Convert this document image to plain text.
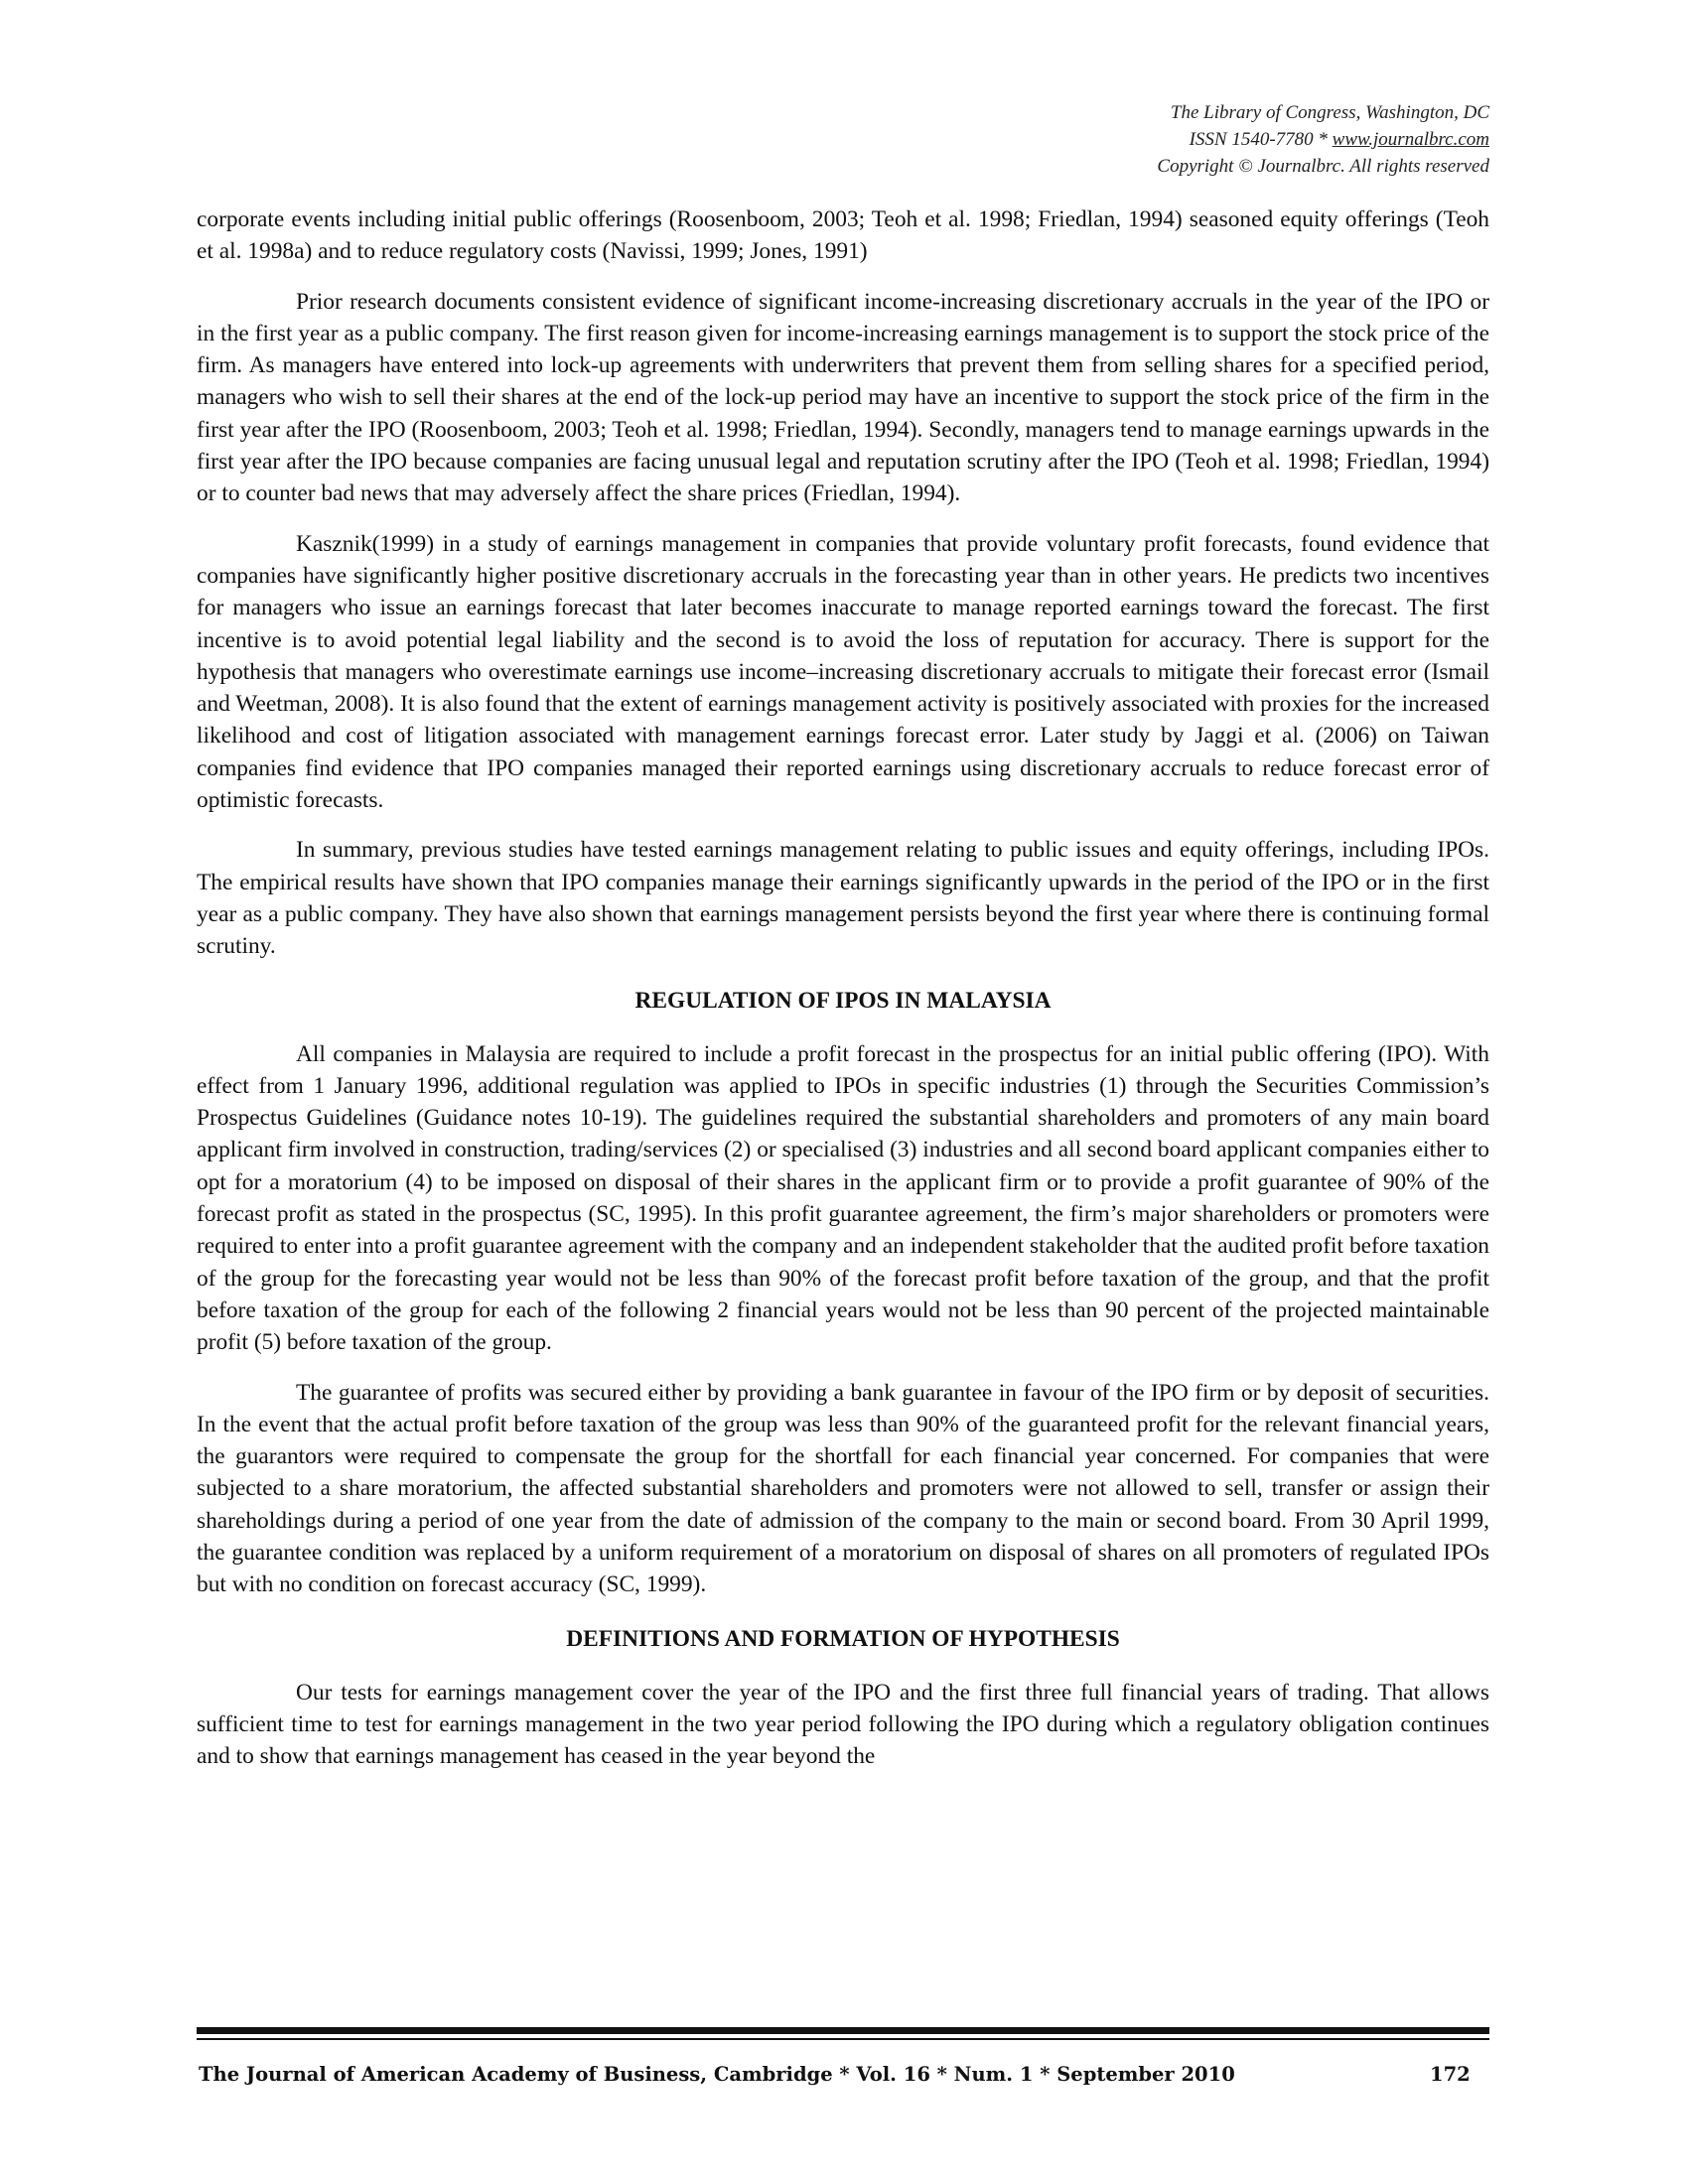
The Library of Congress, Washington, DC
ISSN 1540-7780 * www.journalbrc.com
Copyright © Journalbrc. All rights reserved

corporate events including initial public offerings (Roosenboom, 2003; Teoh et al. 1998; Friedlan, 1994) seasoned equity offerings (Teoh et al. 1998a) and to reduce regulatory costs (Navissi, 1999; Jones, 1991)

Prior research documents consistent evidence of significant income-increasing discretionary accruals in the year of the IPO or in the first year as a public company. The first reason given for income-increasing earnings management is to support the stock price of the firm. As managers have entered into lock-up agreements with underwriters that prevent them from selling shares for a specified period, managers who wish to sell their shares at the end of the lock-up period may have an incentive to support the stock price of the firm in the first year after the IPO (Roosenboom, 2003; Teoh et al. 1998; Friedlan, 1994). Secondly, managers tend to manage earnings upwards in the first year after the IPO because companies are facing unusual legal and reputation scrutiny after the IPO (Teoh et al. 1998; Friedlan, 1994) or to counter bad news that may adversely affect the share prices (Friedlan, 1994).

Kasznik(1999) in a study of earnings management in companies that provide voluntary profit forecasts, found evidence that companies have significantly higher positive discretionary accruals in the forecasting year than in other years. He predicts two incentives for managers who issue an earnings forecast that later becomes inaccurate to manage reported earnings toward the forecast. The first incentive is to avoid potential legal liability and the second is to avoid the loss of reputation for accuracy. There is support for the hypothesis that managers who overestimate earnings use income–increasing discretionary accruals to mitigate their forecast error (Ismail and Weetman, 2008). It is also found that the extent of earnings management activity is positively associated with proxies for the increased likelihood and cost of litigation associated with management earnings forecast error. Later study by Jaggi et al. (2006) on Taiwan companies find evidence that IPO companies managed their reported earnings using discretionary accruals to reduce forecast error of optimistic forecasts.

In summary, previous studies have tested earnings management relating to public issues and equity offerings, including IPOs. The empirical results have shown that IPO companies manage their earnings significantly upwards in the period of the IPO or in the first year as a public company. They have also shown that earnings management persists beyond the first year where there is continuing formal scrutiny.

REGULATION OF IPOS IN MALAYSIA

All companies in Malaysia are required to include a profit forecast in the prospectus for an initial public offering (IPO). With effect from 1 January 1996, additional regulation was applied to IPOs in specific industries (1) through the Securities Commission’s Prospectus Guidelines (Guidance notes 10-19). The guidelines required the substantial shareholders and promoters of any main board applicant firm involved in construction, trading/services (2) or specialised (3) industries and all second board applicant companies either to opt for a moratorium (4) to be imposed on disposal of their shares in the applicant firm or to provide a profit guarantee of 90% of the forecast profit as stated in the prospectus (SC, 1995). In this profit guarantee agreement, the firm’s major shareholders or promoters were required to enter into a profit guarantee agreement with the company and an independent stakeholder that the audited profit before taxation of the group for the forecasting year would not be less than 90% of the forecast profit before taxation of the group, and that the profit before taxation of the group for each of the following 2 financial years would not be less than 90 percent of the projected maintainable profit (5) before taxation of the group.

The guarantee of profits was secured either by providing a bank guarantee in favour of the IPO firm or by deposit of securities. In the event that the actual profit before taxation of the group was less than 90% of the guaranteed profit for the relevant financial years, the guarantors were required to compensate the group for the shortfall for each financial year concerned. For companies that were subjected to a share moratorium, the affected substantial shareholders and promoters were not allowed to sell, transfer or assign their shareholdings during a period of one year from the date of admission of the company to the main or second board. From 30 April 1999, the guarantee condition was replaced by a uniform requirement of a moratorium on disposal of shares on all promoters of regulated IPOs but with no condition on forecast accuracy (SC, 1999).

DEFINITIONS AND FORMATION OF HYPOTHESIS

Our tests for earnings management cover the year of the IPO and the first three full financial years of trading. That allows sufficient time to test for earnings management in the two year period following the IPO during which a regulatory obligation continues and to show that earnings management has ceased in the year beyond the

The Journal of American Academy of Business, Cambridge * Vol. 16 * Num. 1 * September 2010	172
